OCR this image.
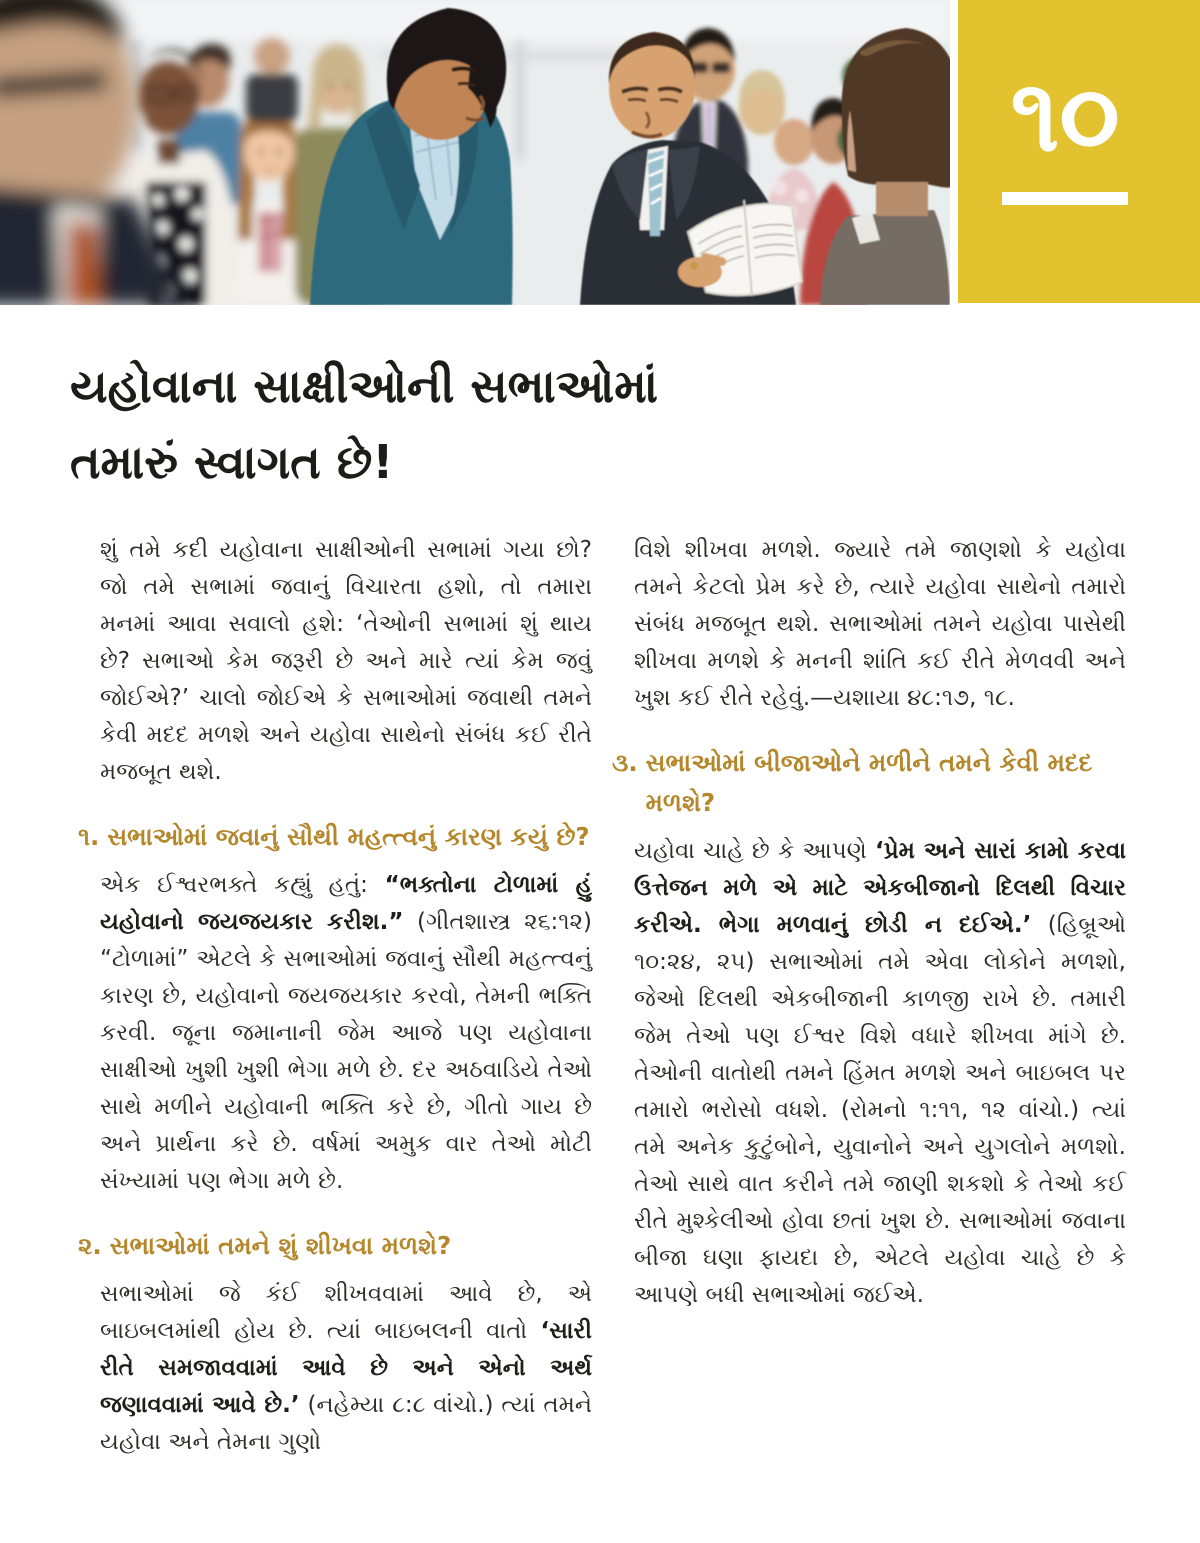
૧૦
યહોવાના સાક્ષીઓની સભાઓમાં
તમારું સ્વાગત છે!

શું તમે કદી યહોવાના સાક્ષીઓની સભામાં ગયા છો? જો તમે સભામાં જવાનું વિચારતા હશો, તો તમારા મનમાં આવા સવાલો હશે: ‘તેઓની સભામાં શું થાય છે? સભાઓ કેમ જરૂરી છે અને મારે ત્યાં કેમ જવું જોઈએ?’ ચાલો જોઈએ કે સભાઓમાં જવાથી તમને કેવી મદદ મળશે અને યહોવા સાથેનો સંબંધ કઈ રીતે મજબૂત થશે.

૧. સભાઓમાં જવાનું સૌથી મહત્ત્વનું કારણ કયું છે?

એક ઈશ્વરભક્તે કહ્યું હતું: “ભક્તોના ટોળામાં હું યહોવાનો જયજયકાર કરીશ.” (ગીતશાસ્ત્ર ૨૬:૧૨) “ટોળામાં” એટલે કે સભાઓમાં જવાનું સૌથી મહત્ત્વનું કારણ છે, યહોવાનો જયજયકાર કરવો, તેમની ભક્તિ કરવી. જૂના જમાનાની જેમ આજે પણ યહોવાના સાક્ષીઓ ખુશી ખુશી ભેગા મળે છે. દર અઠવાડિયે તેઓ સાથે મળીને યહોવાની ભક્તિ કરે છે, ગીતો ગાય છે અને પ્રાર્થના કરે છે. વર્ષમાં અમુક વાર તેઓ મોટી સંખ્યામાં પણ ભેગા મળે છે.

૨. સભાઓમાં તમને શું શીખવા મળશે?

સભાઓમાં જે કંઈ શીખવવામાં આવે છે, એ બાઇબલમાંથી હોય છે. ત્યાં બાઇબલની વાતો ‘સારી રીતે સમજાવવામાં આવે છે અને એનો અર્થ જણાવવામાં આવે છે.’ (નહેમ્યા ૮:૮ વાંચો.) ત્યાં તમને યહોવા અને તેમના ગુણો

વિશે શીખવા મળશે. જ્યારે તમે જાણશો કે યહોવા તમને કેટલો પ્રેમ કરે છે, ત્યારે યહોવા સાથેનો તમારો સંબંધ મજબૂત થશે. સભાઓમાં તમને યહોવા પાસેથી શીખવા મળશે કે મનની શાંતિ કઈ રીતે મેળવવી અને ખુશ કઈ રીતે રહેવું.—યશાયા ૪૮:૧૭, ૧૮.

૩. સભાઓમાં બીજાઓને મળીને તમને કેવી મદદ મળશે?

યહોવા ચાહે છે કે આપણે ‘પ્રેમ અને સારાં કામો કરવા ઉત્તેજન મળે એ માટે એકબીજાનો દિલથી વિચાર કરીએ. ભેગા મળવાનું છોડી ન દઈએ.’ (હિબ્રૂઓ ૧૦:૨૪, ૨૫) સભાઓમાં તમે એવા લોકોને મળશો, જેઓ દિલથી એકબીજાની કાળજી રાખે છે. તમારી જેમ તેઓ પણ ઈશ્વર વિશે વધારે શીખવા માંગે છે. તેઓની વાતોથી તમને હિંમત મળશે અને બાઇબલ પર તમારો ભરોસો વધશે. (રોમનો ૧:૧૧, ૧૨ વાંચો.) ત્યાં તમે અનેક કુટુંબોને, યુવાનોને અને યુગલોને મળશો. તેઓ સાથે વાત કરીને તમે જાણી શકશો કે તેઓ કઈ રીતે મુશ્કેલીઓ હોવા છતાં ખુશ છે. સભાઓમાં જવાના બીજા ઘણા ફાયદા છે, એટલે યહોવા ચાહે છે કે આપણે બધી સભાઓમાં જઈએ.
